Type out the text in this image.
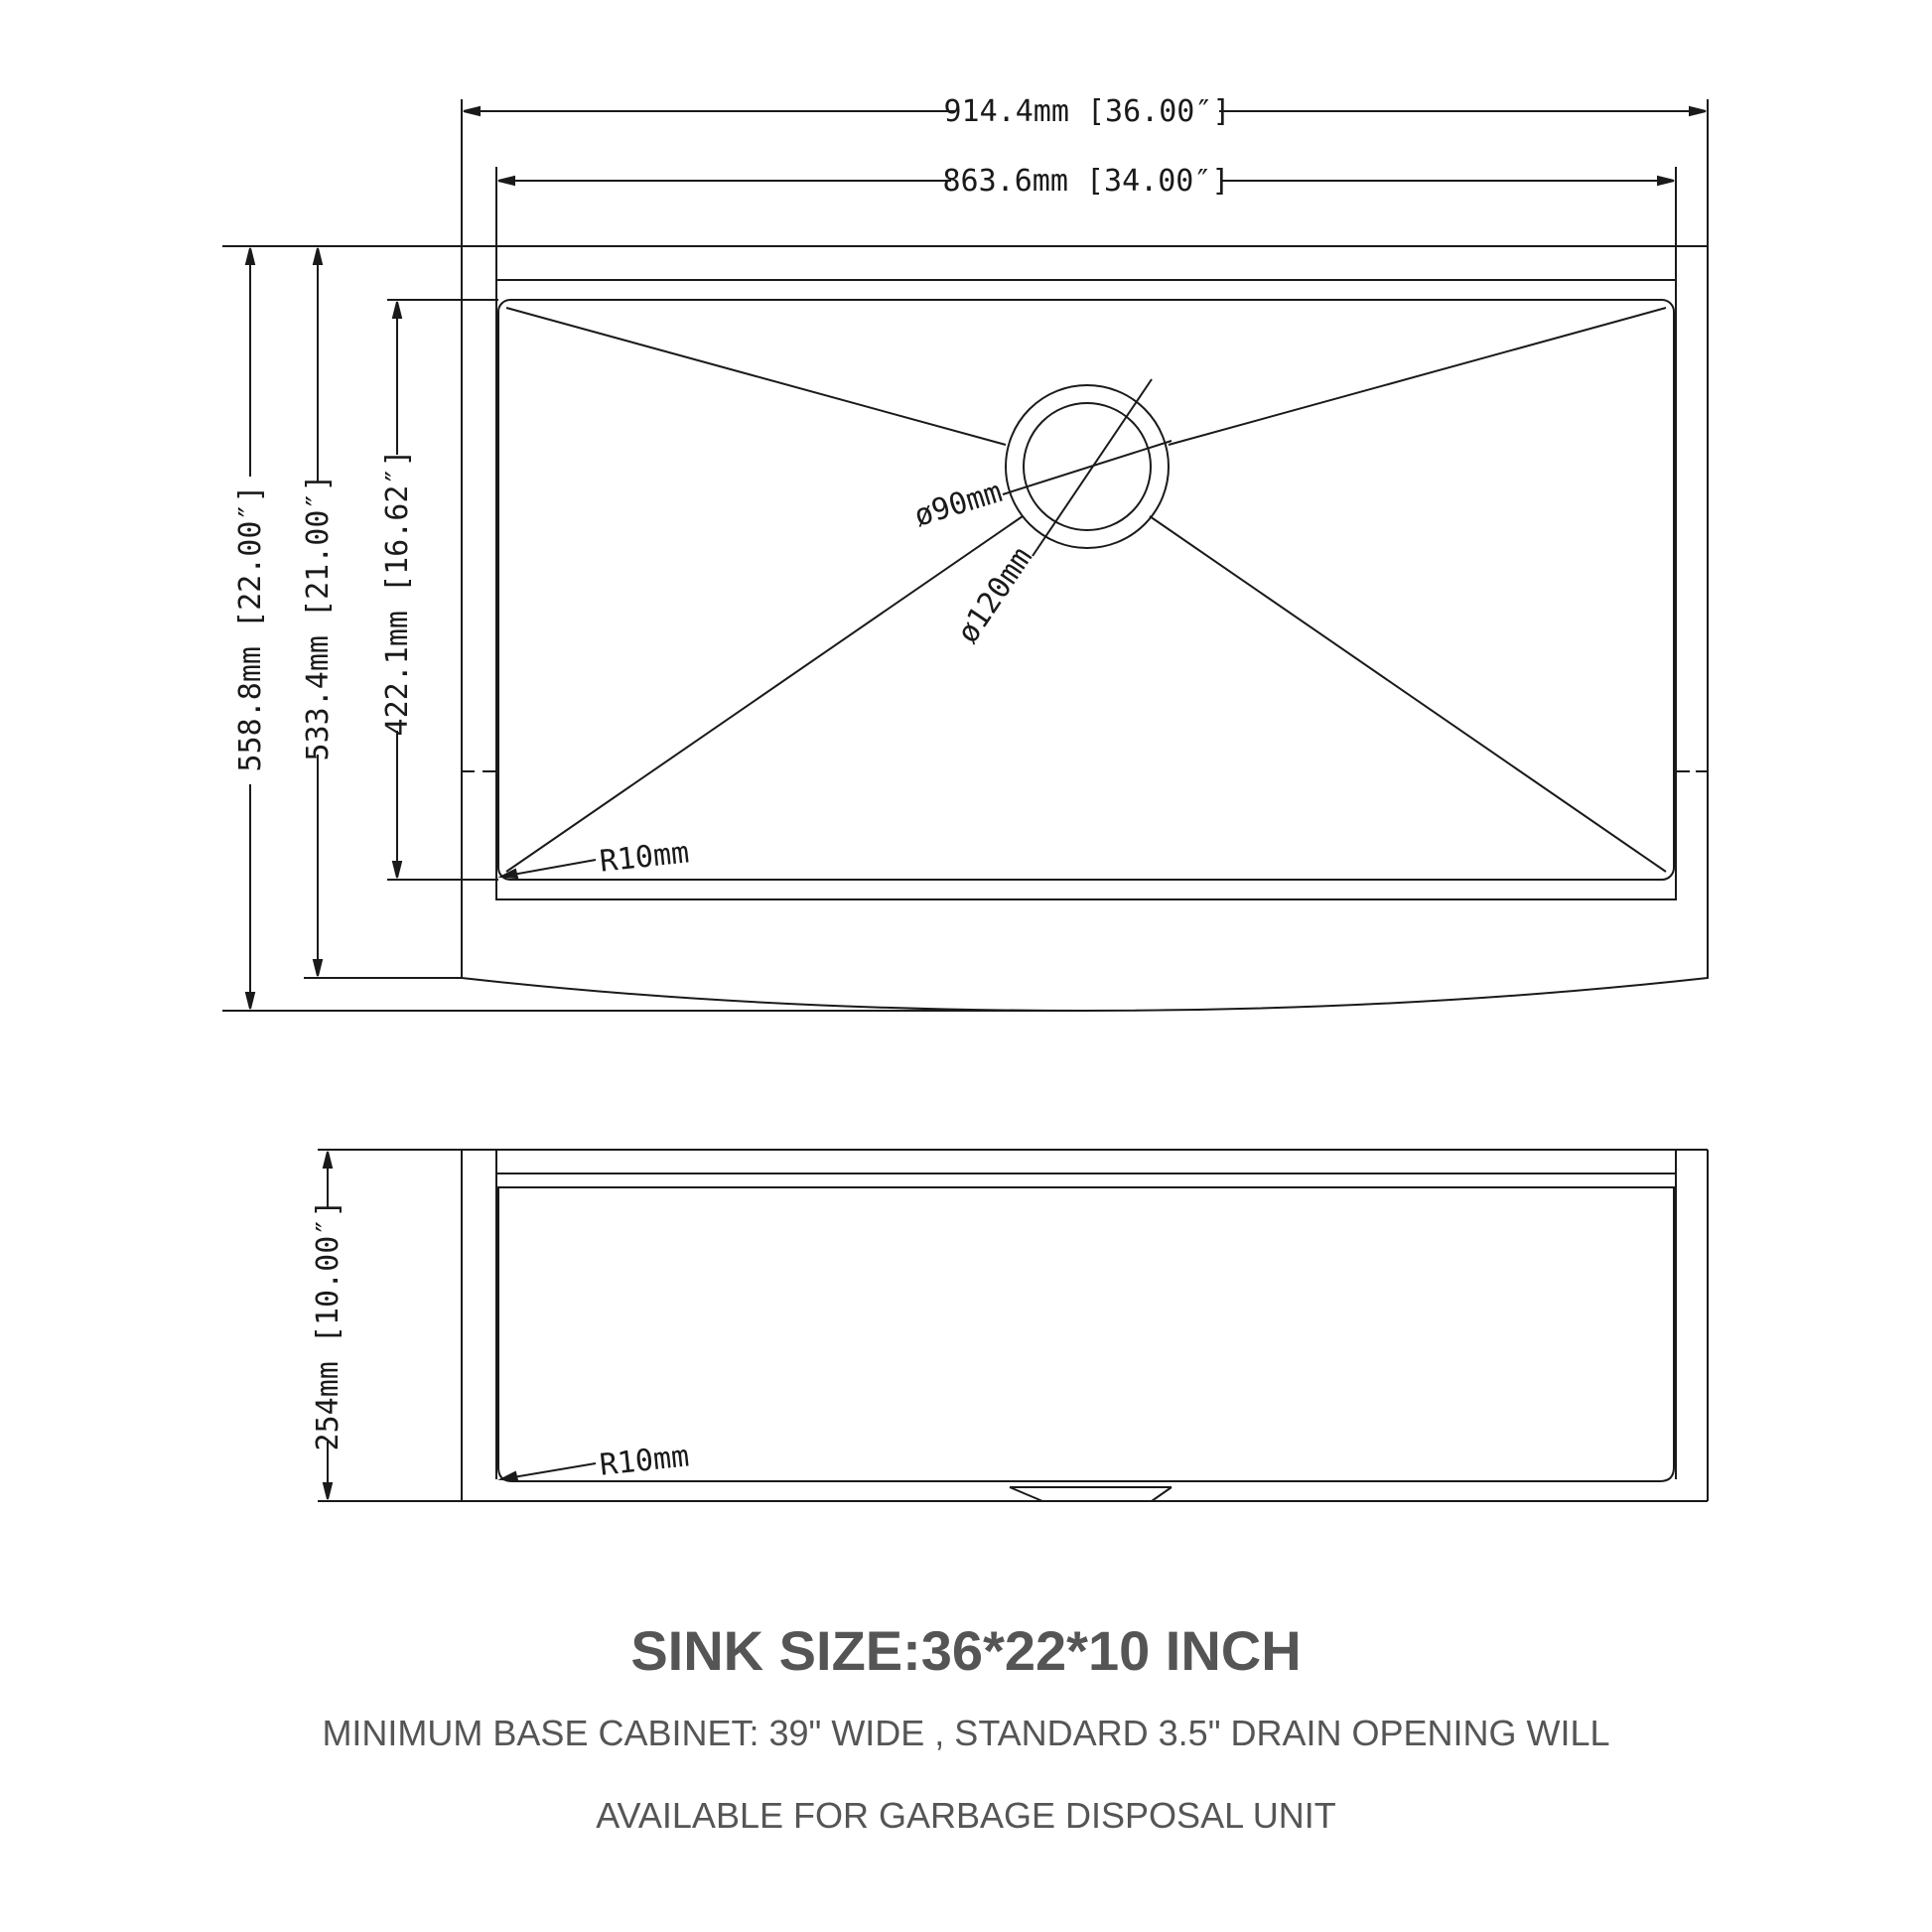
914.4mm [36.00″]
863.6mm [34.00″]
558.8mm [22.00″] 533.4mm [21.00″] 422.1mm [16.62″]	ø90mm
ø120mm
R10mm
254mm [10.00″]
R10mm
SINK SIZE:36*22*10 INCH
MINIMUM BASE CABINET: 39" WIDE , STANDARD 3.5" DRAIN OPENING WILL
AVAILABLE FOR GARBAGE DISPOSAL UNIT
